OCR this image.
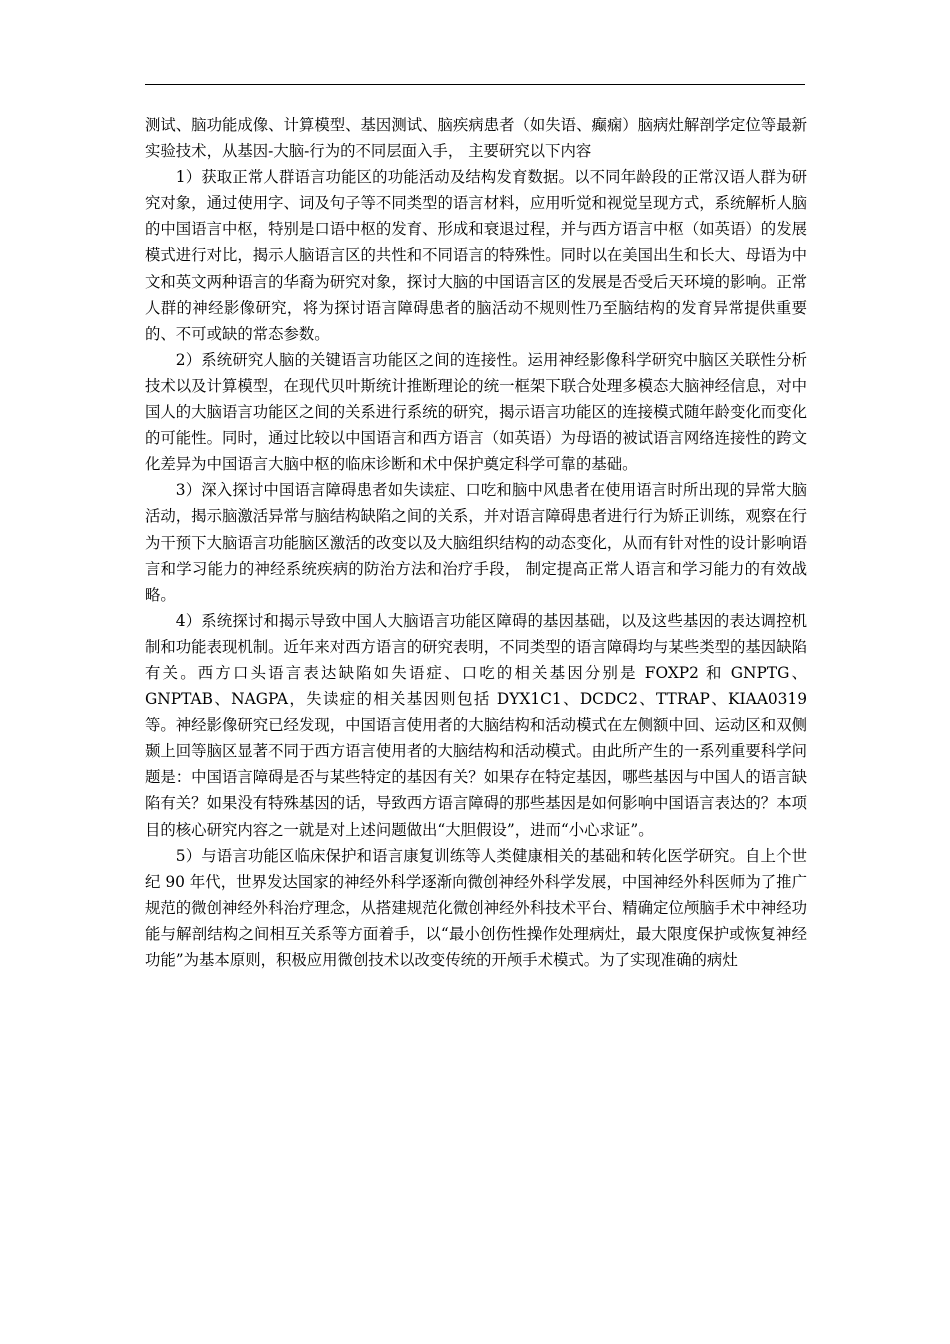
测试、脑功能成像、计算模型、基因测试、脑疾病患者（如失语、癫痫）脑病灶解剖学定位等最新实验技术，从基因-大脑-行为的不同层面入手， 主要研究以下内容

1）获取正常人群语言功能区的功能活动及结构发育数据。以不同年龄段的正常汉语人群为研究对象，通过使用字、词及句子等不同类型的语言材料，应用听觉和视觉呈现方式，系统解析人脑的中国语言中枢，特别是口语中枢的发育、形成和衰退过程，并与西方语言中枢（如英语）的发展模式进行对比，揭示人脑语言区的共性和不同语言的特殊性。同时以在美国出生和长大、母语为中文和英文两种语言的华裔为研究对象，探讨大脑的中国语言区的发展是否受后天环境的影响。正常人群的神经影像研究，将为探讨语言障碍患者的脑活动不规则性乃至脑结构的发育异常提供重要的、不可或缺的常态参数。

2）系统研究人脑的关键语言功能区之间的连接性。运用神经影像科学研究中脑区关联性分析技术以及计算模型，在现代贝叶斯统计推断理论的统一框架下联合处理多模态大脑神经信息，对中国人的大脑语言功能区之间的关系进行系统的研究，揭示语言功能区的连接模式随年龄变化而变化的可能性。同时，通过比较以中国语言和西方语言（如英语）为母语的被试语言网络连接性的跨文化差异为中国语言大脑中枢的临床诊断和术中保护奠定科学可靠的基础。

3）深入探讨中国语言障碍患者如失读症、口吃和脑中风患者在使用语言时所出现的异常大脑活动，揭示脑激活异常与脑结构缺陷之间的关系，并对语言障碍患者进行行为矫正训练，观察在行为干预下大脑语言功能脑区激活的改变以及大脑组织结构的动态变化，从而有针对性的设计影响语言和学习能力的神经系统疾病的防治方法和治疗手段， 制定提高正常人语言和学习能力的有效战略。

4）系统探讨和揭示导致中国人大脑语言功能区障碍的基因基础，以及这些基因的表达调控机制和功能表现机制。近年来对西方语言的研究表明，不同类型的语言障碍均与某些类型的基因缺陷有关。西方口头语言表达缺陷如失语症、口吃的相关基因分别是 FOXP2 和 GNPTG、GNPTAB、NAGPA，失读症的相关基因则包括 DYX1C1、DCDC2、TTRAP、KIAA0319 等。神经影像研究已经发现，中国语言使用者的大脑结构和活动模式在左侧额中回、运动区和双侧颞上回等脑区显著不同于西方语言使用者的大脑结构和活动模式。由此所产生的一系列重要科学问题是：中国语言障碍是否与某些特定的基因有关？如果存在特定基因，哪些基因与中国人的语言缺陷有关？如果没有特殊基因的话，导致西方语言障碍的那些基因是如何影响中国语言表达的？本项目的核心研究内容之一就是对上述问题做出“大胆假设”，进而“小心求证”。

5）与语言功能区临床保护和语言康复训练等人类健康相关的基础和转化医学研究。自上个世纪 90 年代，世界发达国家的神经外科学逐渐向微创神经外科学发展，中国神经外科医师为了推广规范的微创神经外科治疗理念，从搭建规范化微创神经外科技术平台、精确定位颅脑手术中神经功能与解剖结构之间相互关系等方面着手，以“最小创伤性操作处理病灶，最大限度保护或恢复神经功能”为基本原则，积极应用微创技术以改变传统的开颅手术模式。为了实现准确的病灶
